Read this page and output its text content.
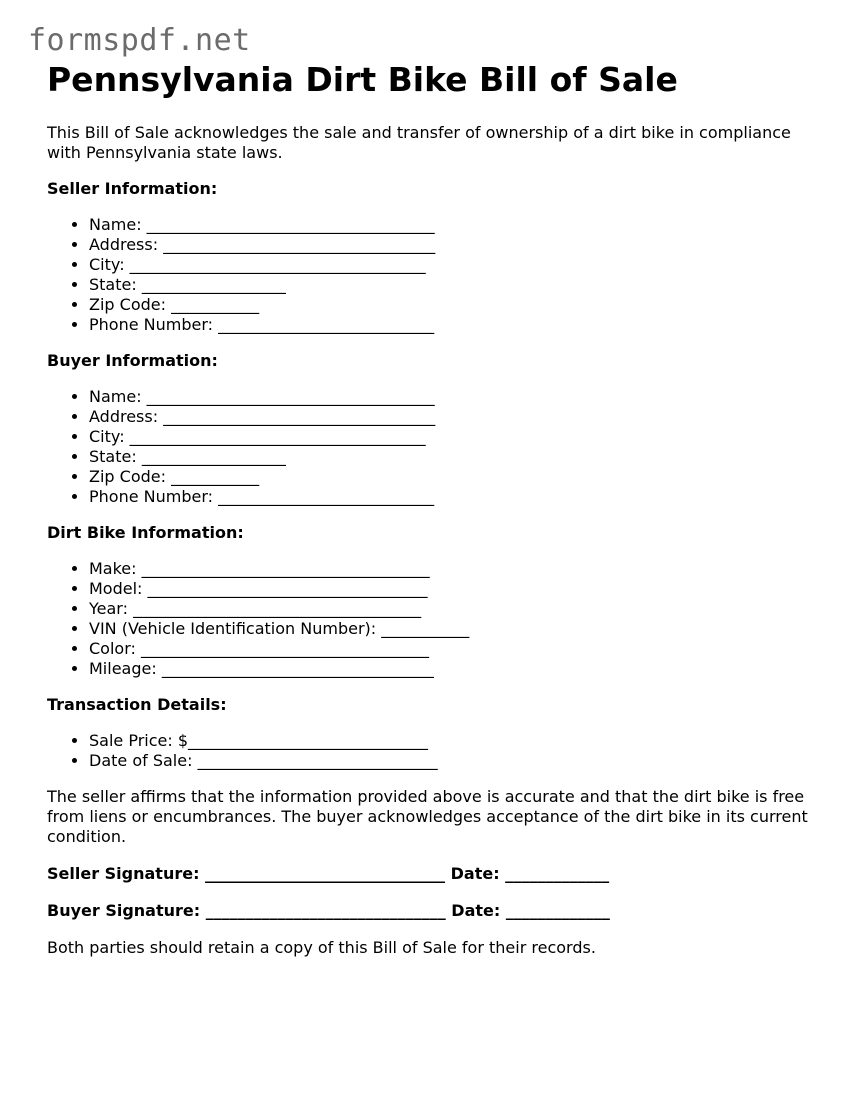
formspdf.net
Pennsylvania Dirt Bike Bill of Sale

This Bill of Sale acknowledges the sale and transfer of ownership of a dirt bike in compliance with Pennsylvania state laws.

Seller Information:
• Name: ____________________________________
• Address: __________________________________
• City: _____________________________________
• State: __________________
• Zip Code: ___________
• Phone Number: ___________________________
Buyer Information:
• Name: ____________________________________
• Address: __________________________________
• City: _____________________________________
• State: __________________
• Zip Code: ___________
• Phone Number: ___________________________
Dirt Bike Information:
• Make: ____________________________________
• Model: ___________________________________
• Year: ____________________________________
• VIN (Vehicle Identification Number): ___________
• Color: ____________________________________
• Mileage: __________________________________
Transaction Details:
• Sale Price: $______________________________
• Date of Sale: ______________________________

The seller affirms that the information provided above is accurate and that the dirt bike is free from liens or encumbrances. The buyer acknowledges acceptance of the dirt bike in its current condition.

Seller Signature: ______________________________ Date: _____________

Buyer Signature: ______________________________ Date: _____________

Both parties should retain a copy of this Bill of Sale for their records.
